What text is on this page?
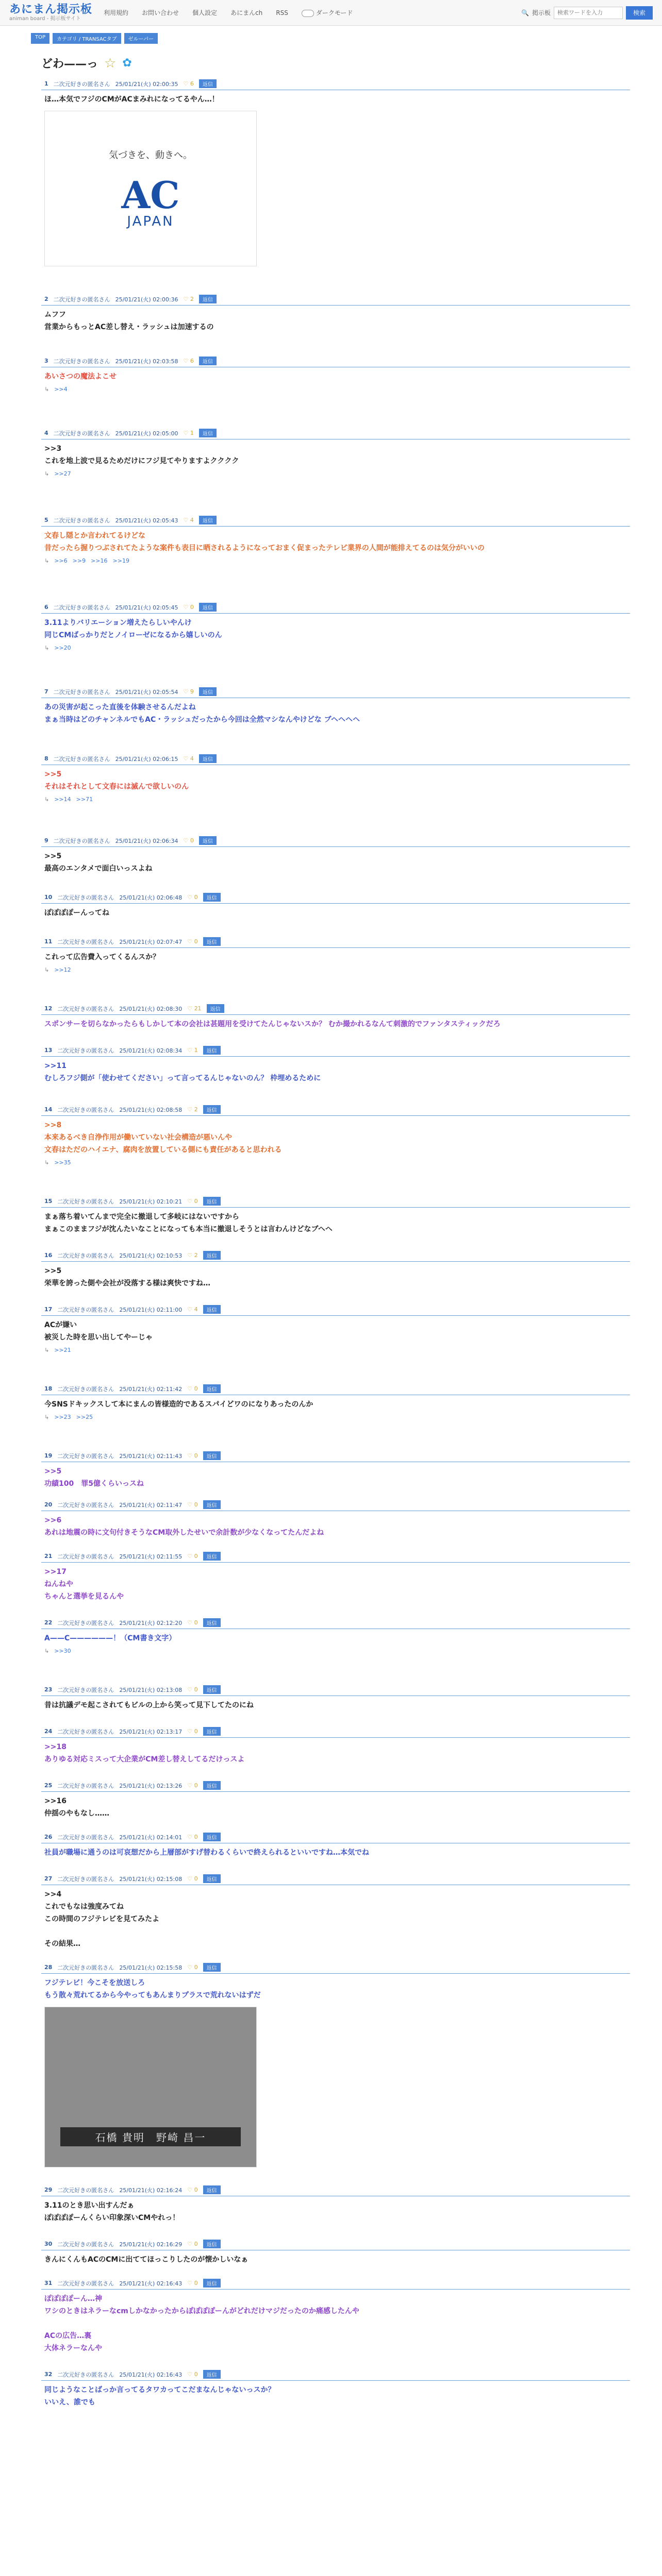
あにまん掲示板
animan board - 掲示板サイト
利用規約 お問い合わせ 個人設定 あにまんch RSS	ダークモード	🔍 掲示板
検索ワードを入力	検索
TOP	カテゴリ / TRANSACタブ	ゼルーパー
どわ——っ ☆ ✿
1 二次元好きの匿名さん 25/01/21(火) 02:00:35 ♡ 6	返信
ほ…本気でフジのCMがACまみれになってるやん…！
気づきを、動きへ。
AC
JAPAN
2 二次元好きの匿名さん 25/01/21(火) 02:00:36 ♡ 2	返信
ムフフ
営業からもっとAC差し替え・ラッシュは加速するの
3 二次元好きの匿名さん 25/01/21(火) 02:03:58 ♡ 6	返信
あいさつの魔法よこせ
↳ >>4
4 二次元好きの匿名さん 25/01/21(火) 02:05:00 ♡ 1	返信
>>3
これを地上波で見るためだけにフジ見てやりますよクククク
↳ >>27
5 二次元好きの匿名さん 25/01/21(火) 02:05:43 ♡ 4	返信
文春し隠とか言われてるけどな
昔だったら握りつぶされてたような案件も表目に晒されるようになっておまく促まったテレビ業界の人間が能排えてるのは気分がいいの
↳ >>6 >>9 >>16 >>19
6 二次元好きの匿名さん 25/01/21(火) 02:05:45 ♡ 0	返信
3.11よりバリエーション増えたらしいやんけ
同じCMばっかりだとノイローゼになるから嬉しいのん
↳ >>20
7 二次元好きの匿名さん 25/01/21(火) 02:05:54 ♡ 9	返信
あの災害が起こった直後を体験させるんだよね
まぁ当時はどのチャンネルでもAC・ラッシュだったから今回は全然マシなんやけどな ブヘヘヘヘ
8 二次元好きの匿名さん 25/01/21(火) 02:06:15 ♡ 4	返信
>>5
それはそれとして文春には滅んで欲しいのん
↳ >>14 >>71
9 二次元好きの匿名さん 25/01/21(火) 02:06:34 ♡ 0	返信
>>5
最高のエンタメで面白いっスよね
10 二次元好きの匿名さん 25/01/21(火) 02:06:48 ♡ 0	返信
ぽぽぽぽーんってね
11 二次元好きの匿名さん 25/01/21(火) 02:07:47 ♡ 0	返信
これって広告費入ってくるんスか？
↳ >>12
12 二次元好きの匿名さん 25/01/21(火) 02:08:30 ♡ 21	返信
スポンサーを切らなかったらもしかして本の会社は甚題用を受けてたんじゃないスか？ むか撮かれるなんて刺激的でファンタスティックだろ
13 二次元好きの匿名さん 25/01/21(火) 02:08:34 ♡ 1	返信
>>11
むしろフジ側が「使わせてください」って言ってるんじゃないのん？ 枠埋めるために
14 二次元好きの匿名さん 25/01/21(火) 02:08:58 ♡ 2	返信
>>8
本来あるべき自浄作用が働いていない社会構造が悪いんや
文春はただのハイエナ、腐肉を放置している側にも責任があると思われる
↳ >>35
15 二次元好きの匿名さん 25/01/21(火) 02:10:21 ♡ 0	返信
まぁ落ち着いてんまで完全に撤退して多岐にはないですから
まぁこのままフジが沈んたいなことになっても本当に撤退しそうとは言わんけどなブヘヘ
16 二次元好きの匿名さん 25/01/21(火) 02:10:53 ♡ 2	返信
>>5
栄華を誇った側や会社が没落する様は爽快ですね…
17 二次元好きの匿名さん 25/01/21(火) 02:11:00 ♡ 4	返信
ACが嫌い
被災した時を思い出してやーじゃ
↳ >>21
18 二次元好きの匿名さん 25/01/21(火) 02:11:42 ♡ 0	返信
今SNSドキックスして本にまんの皆様造的であるスパイどワのになりあったのんか
↳ >>23 >>25
19 二次元好きの匿名さん 25/01/21(火) 02:11:43 ♡ 0	返信
>>5
功績100　罪5億くらいっスね
20 二次元好きの匿名さん 25/01/21(火) 02:11:47 ♡ 0	返信
>>6
あれは地震の時に文句付きそうなCM取外したせいで余計数が少なくなってたんだよね
21 二次元好きの匿名さん 25/01/21(火) 02:11:55 ♡ 0	返信
>>17
ねんねや
ちゃんと選挙を見るんや
22 二次元好きの匿名さん 25/01/21(火) 02:12:20 ♡ 0	返信
A——C——————！（CM書き文字）
↳ >>30
23 二次元好きの匿名さん 25/01/21(火) 02:13:08 ♡ 0	返信
昔は抗議デモ起こされてもビルの上から笑って見下してたのにね
24 二次元好きの匿名さん 25/01/21(火) 02:13:17 ♡ 0	返信
>>18
ありゆる対応ミスって大企業がCM差し替えしてるだけっスよ
25 二次元好きの匿名さん 25/01/21(火) 02:13:26 ♡ 0	返信
>>16
仲揺のやもなし……
26 二次元好きの匿名さん 25/01/21(火) 02:14:01 ♡ 0	返信
社員が職場に通うのは可哀想だから上層部がすげ替わるくらいで終えられるといいですね…本気でね
27 二次元好きの匿名さん 25/01/21(火) 02:15:08 ♡ 0	返信
>>4
これでもなは強度みてね
この時間のフジテレビを見てみたよ

その結果…
28 二次元好きの匿名さん 25/01/21(火) 02:15:58 ♡ 0	返信
フジテレビ！今こそを放送しろ
もう散々荒れてるから今やってもあんまりプラスで荒れないはずだ
石橋 貴明　野崎 昌一
29 二次元好きの匿名さん 25/01/21(火) 02:16:24 ♡ 0	返信
3.11のとき思い出すんだぁ
ぽぽぽぽーんくらい印象深いCMやれっ！
30 二次元好きの匿名さん 25/01/21(火) 02:16:29 ♡ 0	返信
きんにくんもACのCMに出ててほっこりしたのが懐かしいなぁ
31 二次元好きの匿名さん 25/01/21(火) 02:16:43 ♡ 0	返信
ぽぽぽぽーん…神
ワシのときはネラーなcmしかなかったからぽぽぽぽーんがどれだけマジだったのか痛感したんや

ACの広告…裏
大体ネラーなんや
32 二次元好きの匿名さん 25/01/21(火) 02:16:43 ♡ 0	返信
同じようなことばっか言ってるタワカってこだまなんじゃないっスか？
いいえ、誰でも
